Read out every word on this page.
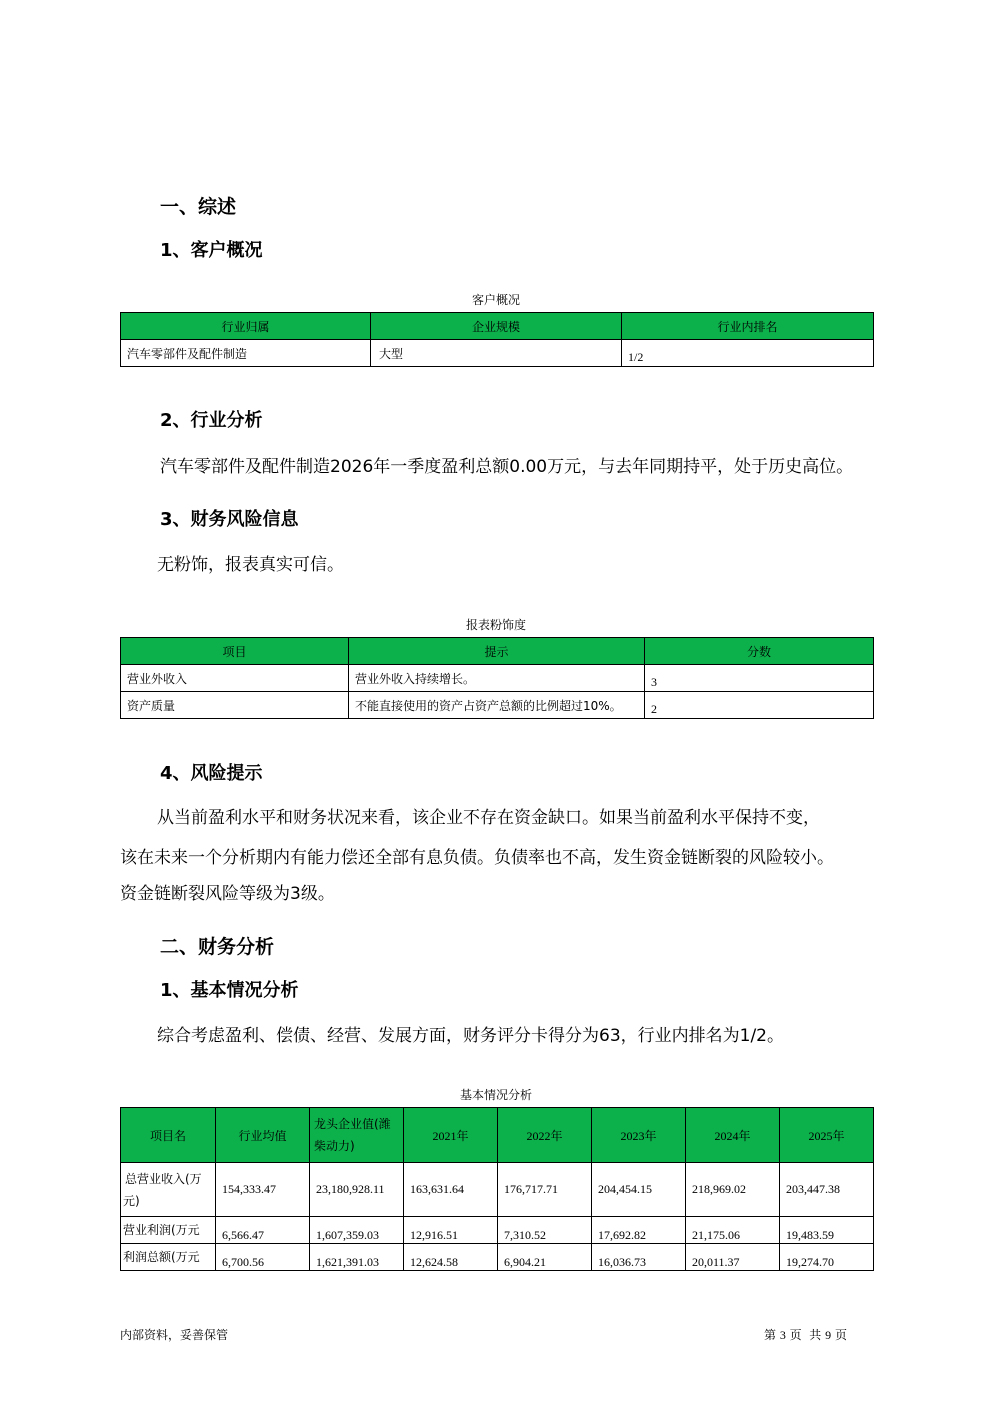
一、综述
1、客户概况
客户概况
行业归属	企业规模	行业内排名
汽车零部件及配件制造	大型	1/2
2、行业分析
汽车零部件及配件制造2026年一季度盈利总额0.00万元，与去年同期持平，处于历史高位。
3、财务风险信息
无粉饰，报表真实可信。
报表粉饰度
项目	提示	分数
营业外收入	营业外收入持续增长。	3
资产质量	不能直接使用的资产占资产总额的比例超过10%。	2
4、风险提示
从当前盈利水平和财务状况来看，该企业不存在资金缺口。如果当前盈利水平保持不变，
该在未来一个分析期内有能力偿还全部有息负债。负债率也不高，发生资金链断裂的风险较小。
资金链断裂风险等级为3级。
二、财务分析
1、基本情况分析
综合考虑盈利、偿债、经营、发展方面，财务评分卡得分为63，行业内排名为1/2。
基本情况分析
项目名	行业均值	龙头企业值(潍柴动力)	2021年	2022年	2023年	2024年	2025年
总营业收入(万元)	154,333.47	23,180,928.11	163,631.64	176,717.71	204,454.15	218,969.02	203,447.38
营业利润(万元	6,566.47	1,607,359.03	12,916.51	7,310.52	17,692.82	21,175.06	19,483.59
利润总额(万元	6,700.56	1,621,391.03	12,624.58	6,904.21	16,036.73	20,011.37	19,274.70
内部资料，妥善保管	第 3 页  共 9 页
